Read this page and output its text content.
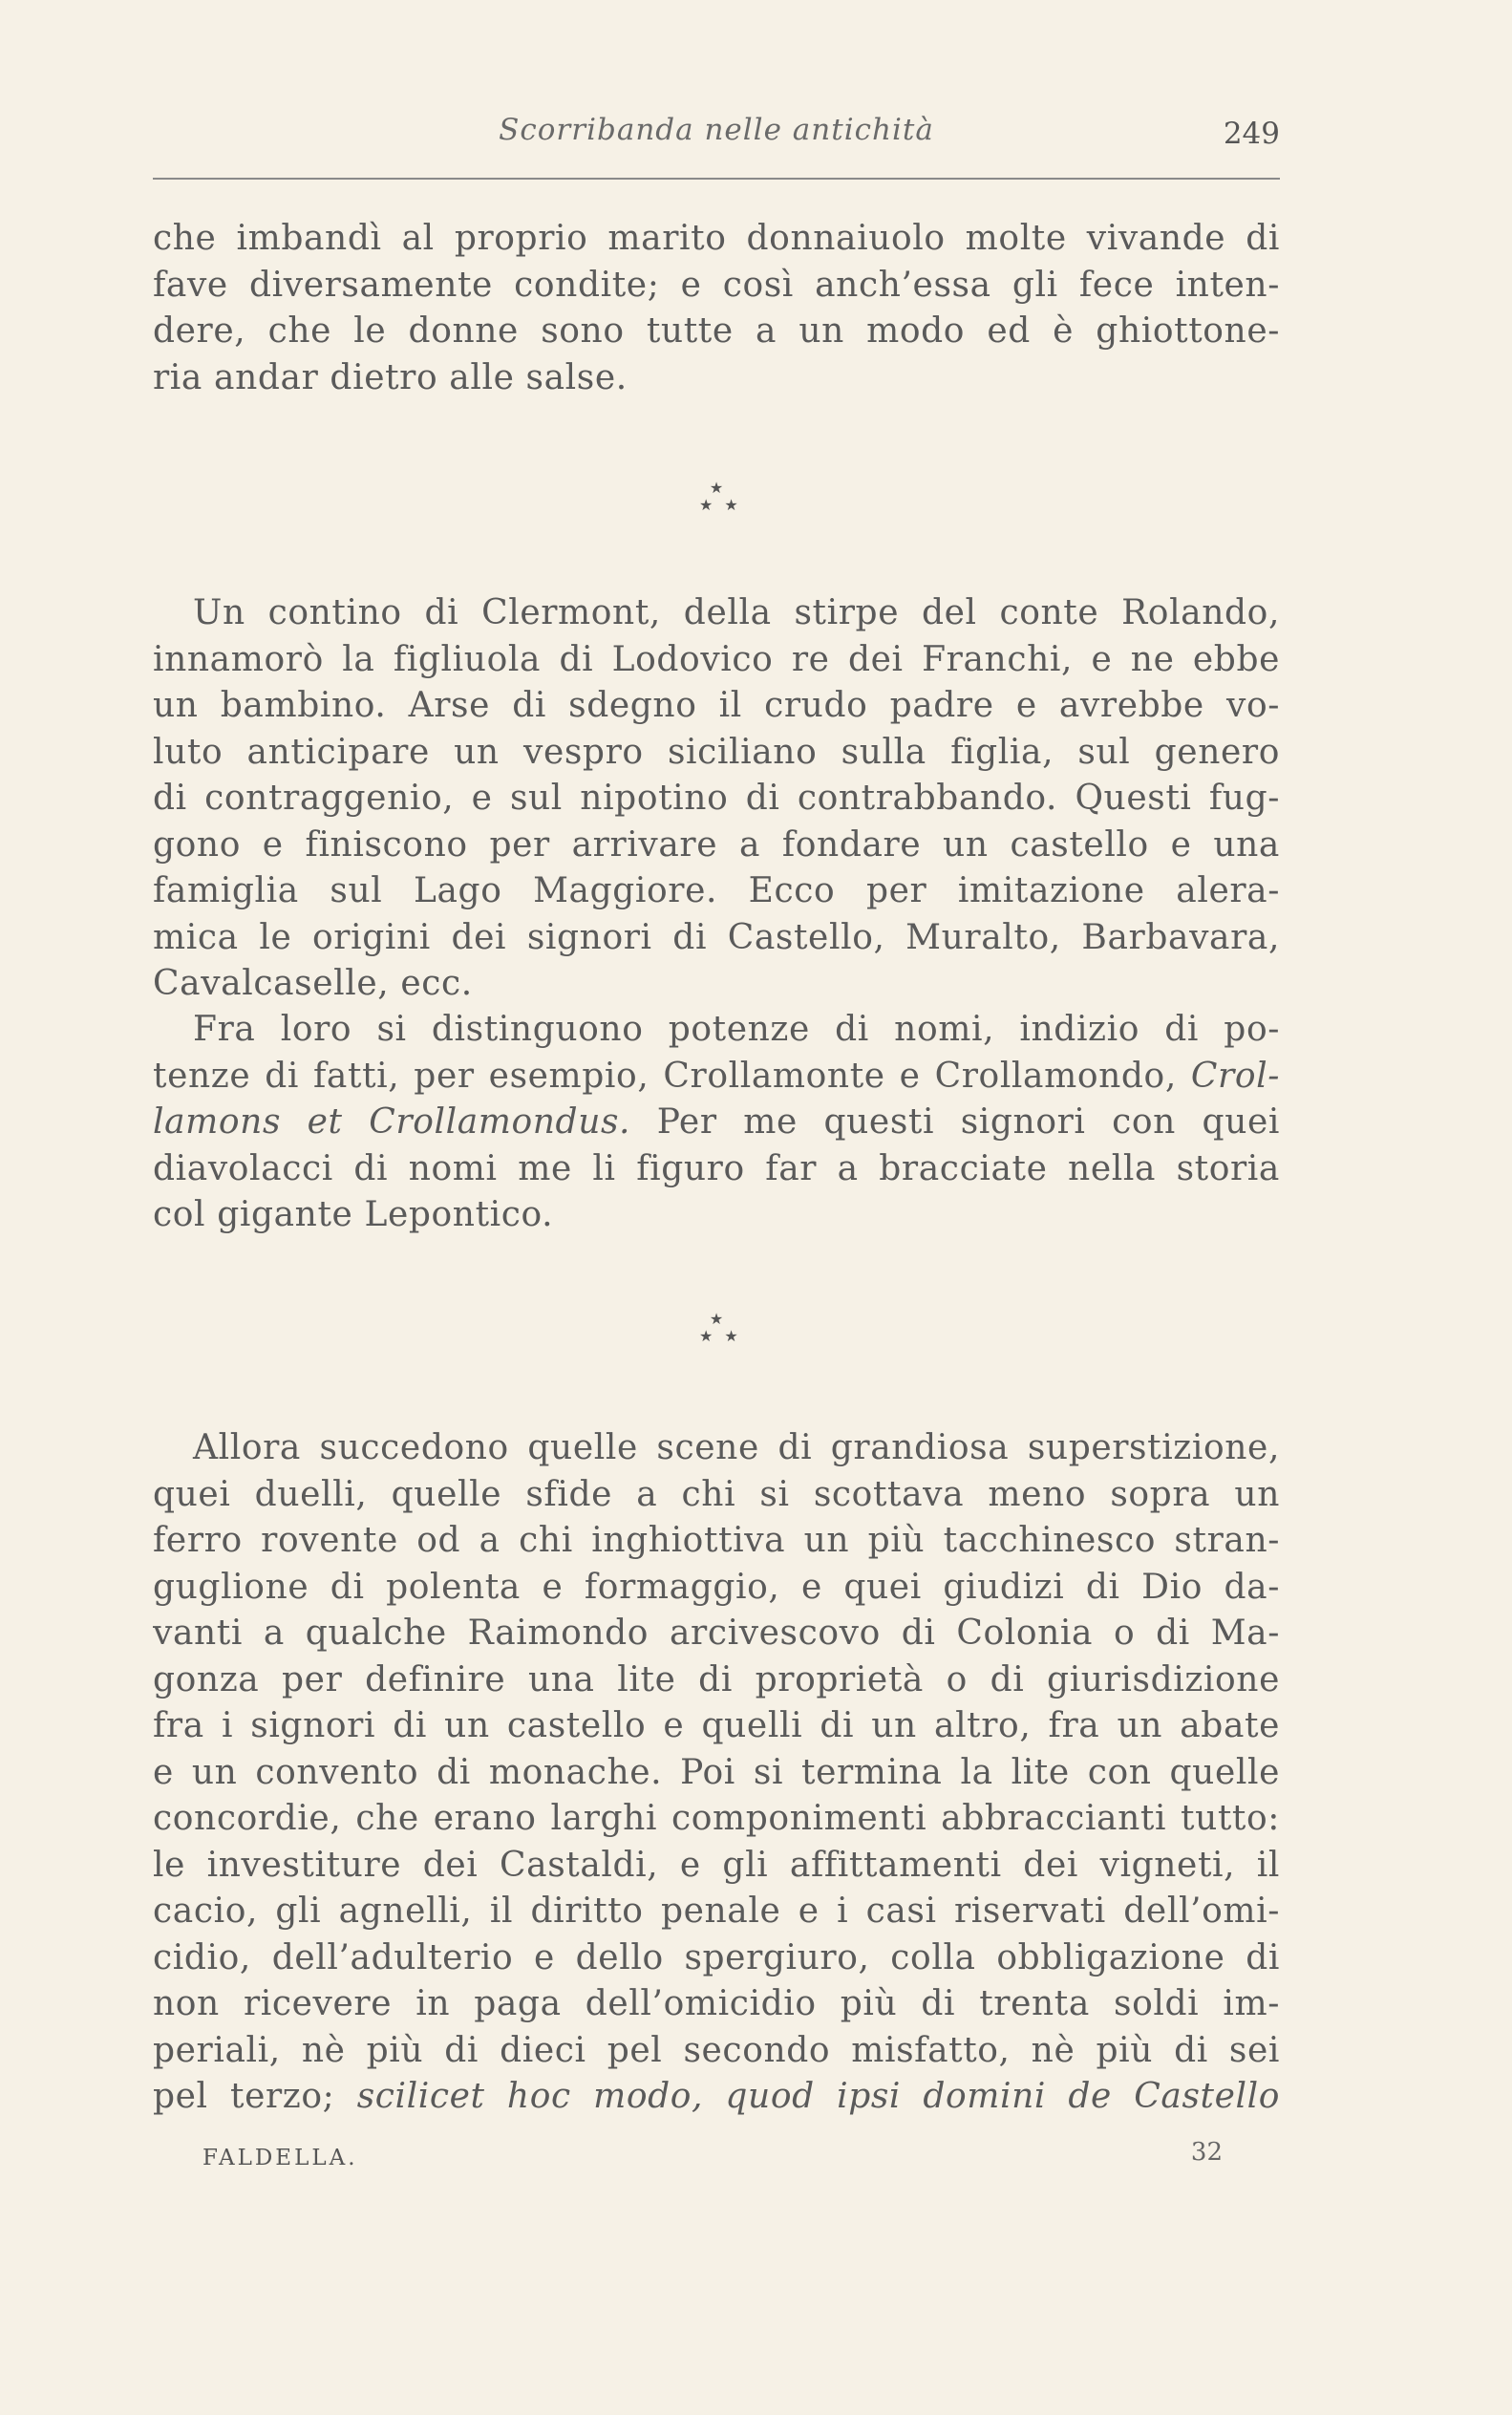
Scorribanda nelle antichità	249
che imbandì al proprio marito donnaiuolo molte vivande di
fave diversamente condite; e così anch’essa gli fece inten-
dere, che le donne sono tutte a un modo ed è ghiottone-
ria andar dietro alle salse.
★
★★
Un contino di Clermont, della stirpe del conte Rolando,
innamorò la figliuola di Lodovico re dei Franchi, e ne ebbe
un bambino. Arse di sdegno il crudo padre e avrebbe vo-
luto anticipare un vespro siciliano sulla figlia, sul genero
di contraggenio, e sul nipotino di contrabbando. Questi fug-
gono e finiscono per arrivare a fondare un castello e una
famiglia sul Lago Maggiore. Ecco per imitazione alera-
mica le origini dei signori di Castello, Muralto, Barbavara,
Cavalcaselle, ecc.
Fra loro si distinguono potenze di nomi, indizio di po-
tenze di fatti, per esempio, Crollamonte e Crollamondo, Crol-
lamons et Crollamondus. Per me questi signori con quei
diavolacci di nomi me li figuro far a bracciate nella storia
col gigante Lepontico.
★
★★
Allora succedono quelle scene di grandiosa superstizione,
quei duelli, quelle sfide a chi si scottava meno sopra un
ferro rovente od a chi inghiottiva un più tacchinesco stran-
guglione di polenta e formaggio, e quei giudizi di Dio da-
vanti a qualche Raimondo arcivescovo di Colonia o di Ma-
gonza per definire una lite di proprietà o di giurisdizione
fra i signori di un castello e quelli di un altro, fra un abate
e un convento di monache. Poi si termina la lite con quelle
concordie, che erano larghi componimenti abbraccianti tutto:
le investiture dei Castaldi, e gli affittamenti dei vigneti, il
cacio, gli agnelli, il diritto penale e i casi riservati dell’omi-
cidio, dell’adulterio e dello spergiuro, colla obbligazione di
non ricevere in paga dell’omicidio più di trenta soldi im-
periali, nè più di dieci pel secondo misfatto, nè più di sei
pel terzo; scilicet hoc modo, quod ipsi domini de Castello
FALDELLA.	32
